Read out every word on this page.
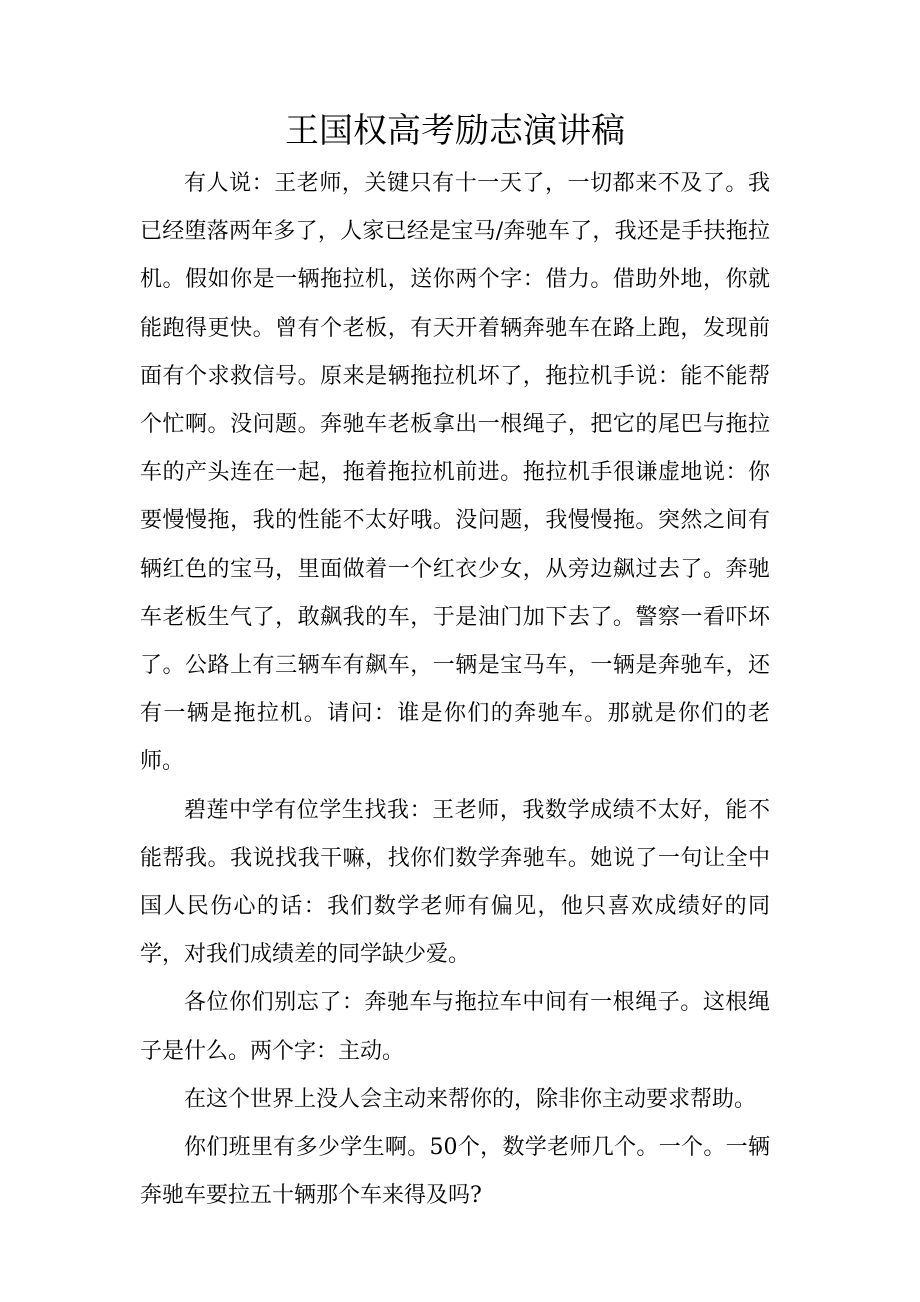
王国权高考励志演讲稿

有人说：王老师，关键只有十一天了，一切都来不及了。我已经堕落两年多了，人家已经是宝马/奔驰车了，我还是手扶拖拉机。假如你是一辆拖拉机，送你两个字：借力。借助外地，你就能跑得更快。曾有个老板，有天开着辆奔驰车在路上跑，发现前面有个求救信号。原来是辆拖拉机坏了，拖拉机手说：能不能帮个忙啊。没问题。奔驰车老板拿出一根绳子，把它的尾巴与拖拉车的产头连在一起，拖着拖拉机前进。拖拉机手很谦虚地说：你要慢慢拖，我的性能不太好哦。没问题，我慢慢拖。突然之间有辆红色的宝马，里面做着一个红衣少女，从旁边飙过去了。奔驰车老板生气了，敢飙我的车，于是油门加下去了。警察一看吓坏了。公路上有三辆车有飙车，一辆是宝马车，一辆是奔驰车，还有一辆是拖拉机。请问：谁是你们的奔驰车。那就是你们的老师。

碧莲中学有位学生找我：王老师，我数学成绩不太好，能不能帮我。我说找我干嘛，找你们数学奔驰车。她说了一句让全中国人民伤心的话：我们数学老师有偏见，他只喜欢成绩好的同学，对我们成绩差的同学缺少爱。

各位你们别忘了：奔驰车与拖拉车中间有一根绳子。这根绳子是什么。两个字：主动。

在这个世界上没人会主动来帮你的，除非你主动要求帮助。

你们班里有多少学生啊。50个，数学老师几个。一个。一辆奔驰车要拉五十辆那个车来得及吗?
